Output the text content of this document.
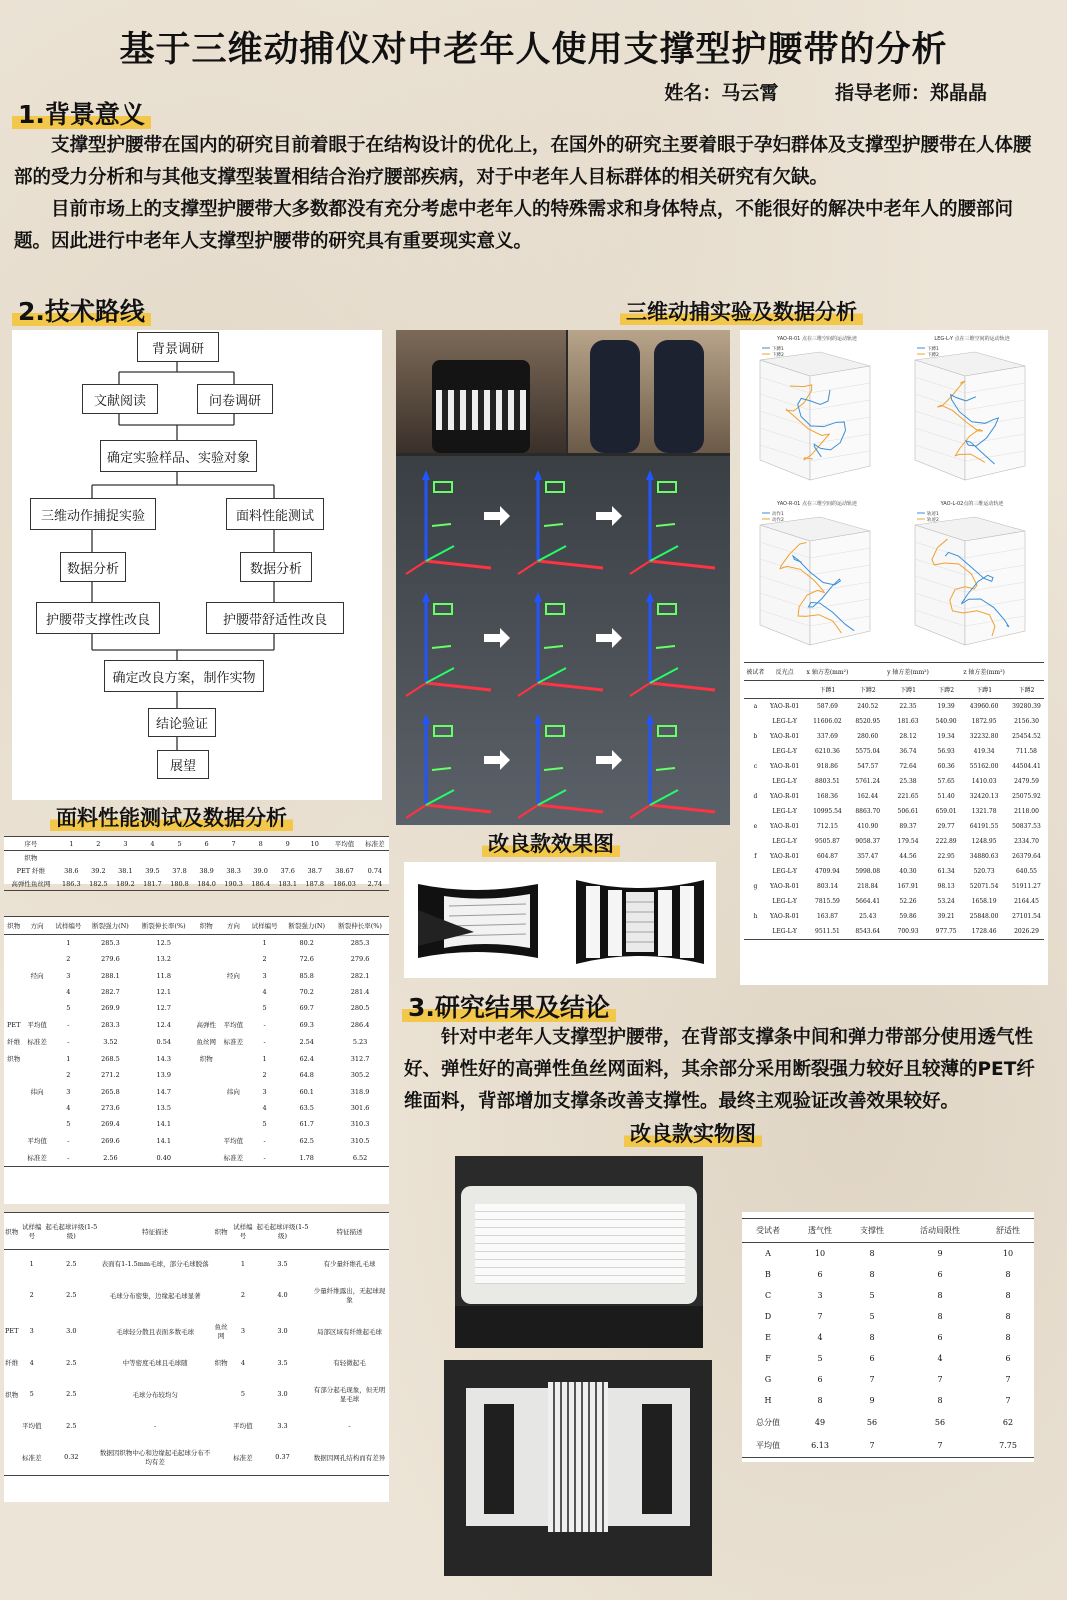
基于三维动捕仪对中老年人使用支撑型护腰带的分析
姓名：马云霄	指导老师：郑晶晶
1.背景意义

支撑型护腰带在国内的研究目前着眼于在结构设计的优化上，在国外的研究主要着眼于孕妇群体及支撑型护腰带在人体腰部的受力分析和与其他支撑型装置相结合治疗腰部疾病，对于中老年人目标群体的相关研究有欠缺。

目前市场上的支撑型护腰带大多数都没有充分考虑中老年人的特殊需求和身体特点，不能很好的解决中老年人的腰部问题。因此进行中老年人支撑型护腰带的研究具有重要现实意义。

2.技术路线	三维动捕实验及数据分析
背景调研
文献阅读	问卷调研
确定实验样品、实验对象
三维动作捕捉实验	面料性能测试
数据分析	数据分析
护腰带支撑性改良	护腰带舒适性改良
确定改良方案，制作实物
结论验证
展望
YAO-R-01 点在三维空间的运动轨迹
下蹲1
下蹲2
LEG-L-Y 点在三维空间的运动轨迹
下蹲1
下蹲2
YAO-R-01 点在三维空间的运动轨迹
动作1
动作2
YAO-L-02点的三维运动轨迹
轨迹1
轨迹2
被试者	反光点	x 轴方差(mm²)		y 轴方差(mm²)		z 轴方差(mm²)	
		下蹲1	下蹲2	下蹲1	下蹲2	下蹲1	下蹲2
a	YAO-R-01	587.69	240.52	22.35	19.39	43960.60	39280.39
	LEG-L-Y	11606.02	8520.95	181.63	540.90	1872.95	2156.30
b	YAO-R-01	337.69	280.60	28.12	19.34	32232.80	25454.52
	LEG-L-Y	6210.36	5575.04	36.74	56.93	419.34	711.58
c	YAO-R-01	918.86	547.57	72.64	60.36	55162.00	44504.41
	LEG-L-Y	8803.51	5761.24	25.38	57.65	1410.03	2479.59
d	YAO-R-01	168.36	162.44	221.65	51.40	32420.13	25075.92
	LEG-L-Y	10995.54	8863.70	506.61	659.01	1321.78	2118.00
e	YAO-R-01	712.15	410.90	89.37	29.77	64191.55	50837.53
	LEG-L-Y	9505.87	9058.37	179.54	222.89	1248.95	2334.70
f	YAO-R-01	604.87	357.47	44.56	22.95	34880.63	26379.64
	LEG-L-Y	4709.94	5998.08	40.30	61.34	520.73	640.55
g	YAO-R-01	803.14	218.84	167.91	98.13	52071.54	51911.27
	LEG-L-Y	7815.59	5664.41	52.26	53.24	1658.19	2164.45
h	YAO-R-01	163.87	25.43	59.86	39.21	25848.00	27101.54
	LEG-L-Y	9511.51	8543.64	700.93	977.75	1728.46	2026.29
面料性能测试及数据分析
序号	1	2	3	4	5	6	7	8	9	10	平均值	标准差
织物												
PET 纤维	38.6	39.2	38.1	39.5	37.8	38.9	38.3	39.0	37.6	38.7	38.67	0.74
高弹性鱼丝网	186.3	182.5	189.2	181.7	180.8	184.0	190.3	186.4	183.1	187.8	186.03	2.74
织物	方向	试样编号	断裂强力(N)	断裂伸长率(%)	织物	方向	试样编号	断裂强力(N)	断裂伸长率(%)
		1	285.3	12.5			1	80.2	285.3
		2	279.6	13.2			2	72.6	279.6
	经向	3	288.1	11.8		经向	3	85.8	282.1
		4	282.7	12.1			4	70.2	281.4
		5	269.9	12.7			5	69.7	280.5
PET	平均值	-	283.3	12.4	高弹性	平均值	-	69.3	286.4
纤维	标准差	-	3.52	0.54	鱼丝网	标准差	-	2.54	5.23
织物		1	268.5	14.3	织物		1	62.4	312.7
		2	271.2	13.9			2	64.8	305.2
	纬向	3	265.8	14.7		纬向	3	60.1	318.9
		4	273.6	13.5			4	63.5	301.6
		5	269.4	14.1			5	61.7	310.3
	平均值	-	269.6	14.1		平均值	-	62.5	310.5
	标准差	-	2.56	0.40		标准差	-	1.78	6.52
织物	试样编号	起毛起球评级(1-5级)	特征描述	织物	试样编号	起毛起球评级(1-5级)	特征描述
	1	2.5	表面有1-1.5mm毛球，部分毛球脱落		1	3.5	有少量纤维孔毛球
	2	2.5	毛球分布密集，边缘起毛球显著		2	4.0	少量纤维露出，无起球现象
PET	3	3.0	毛球轻分散且表面多数毛球	鱼丝网	3	3.0	局部区域有纤维起毛球
纤维	4	2.5	中等密度毛球且毛球随	织物	4	3.5	有轻微起毛
织物	5	2.5	毛球分布较均匀		5	3.0	有部分起毛现象，但无明显毛球
	平均值	2.5	-		平均值	3.3	-
	标准差	0.32	数据因织物中心和边缘起毛起球分布不均有差		标准差	0.37	数据因网孔结构而有差异
改良款效果图
3.研究结果及结论

针对中老年人支撑型护腰带，在背部支撑条中间和弹力带部分使用透气性好、弹性好的高弹性鱼丝网面料，其余部分采用断裂强力较好且较薄的PET纤维面料，背部增加支撑条改善支撑性。最终主观验证改善效果较好。

改良款实物图
受试者	透气性	支撑性	活动局限性	舒适性
A	10	8	9	10
B	6	8	6	8
C	3	5	8	8
D	7	5	8	8
E	4	8	6	8
F	5	6	4	6
G	6	7	7	7
H	8	9	8	7
总分值	49	56	56	62
平均值	6.13	7	7	7.75
